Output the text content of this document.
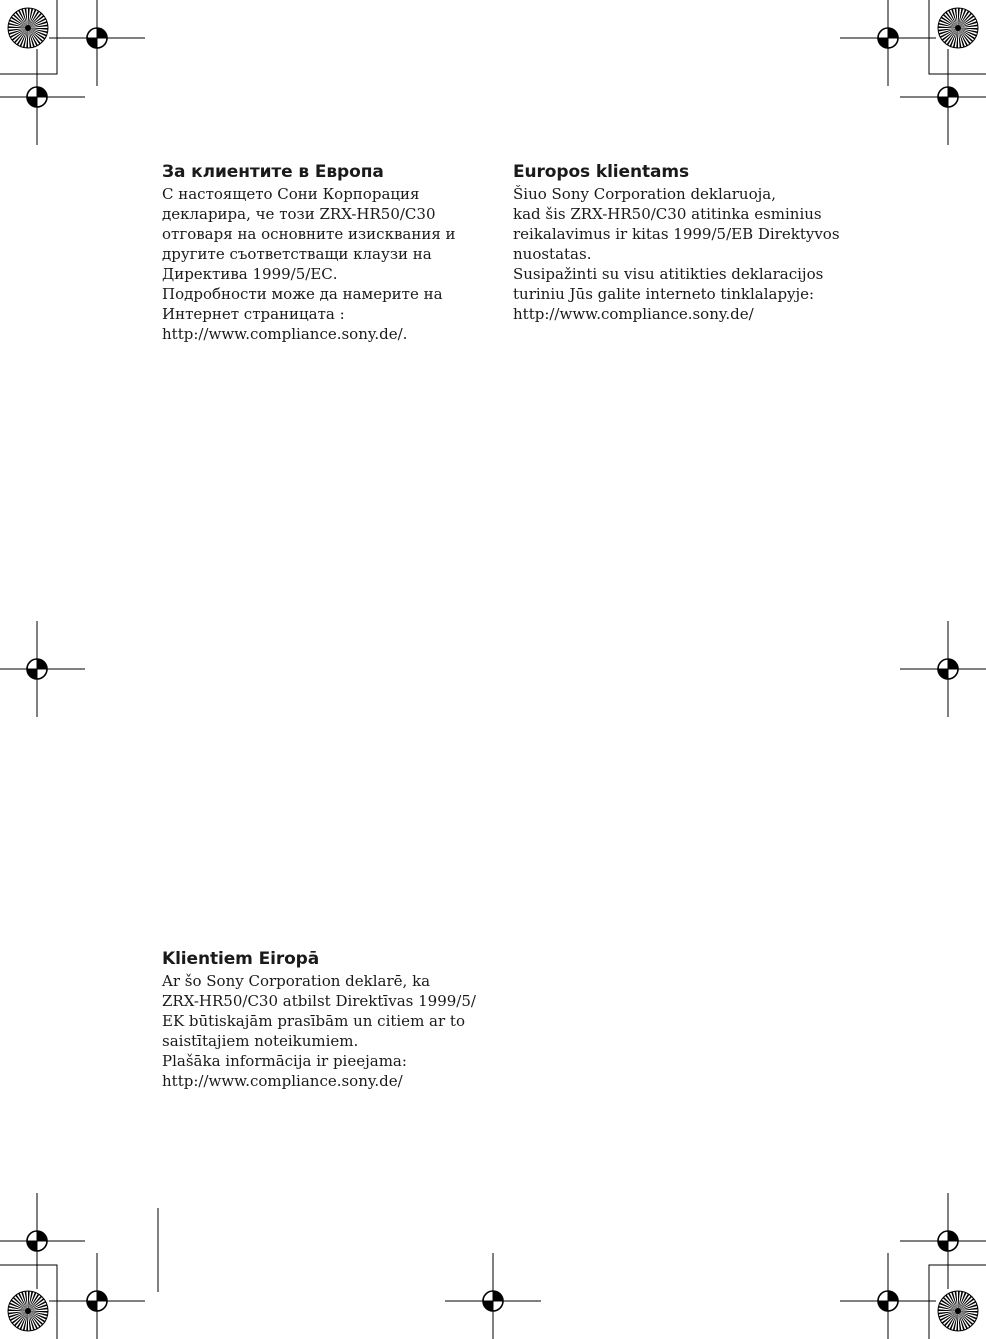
За клиентите в Европа

С настоящето Сони Корпорация

декларира, че този ZRX-HR50/C30

отговаря на основните изисквания и

другите съответстващи клаузи на

Директива 1999/5/ЕС.

Подробности може да намерите на

Интернет страницата :

http://www.compliance.sony.de/.

Europos klientams

Šiuo Sony Corporation deklaruoja,

kad šis ZRX-HR50/C30 atitinka esminius

reikalavimus ir kitas 1999/5/EB Direktyvos

nuostatas.

Susipažinti su visu atitikties deklaracijos

turiniu Jūs galite interneto tinklalapyje:

http://www.compliance.sony.de/

Klientiem Eiropā

Ar šo Sony Corporation deklarē, ka

ZRX-HR50/C30 atbilst Direktīvas 1999/5/

EK būtiskajām prasībām un citiem ar to

saistītajiem noteikumiem.

Plašāka informācija ir pieejama:

http://www.compliance.sony.de/
